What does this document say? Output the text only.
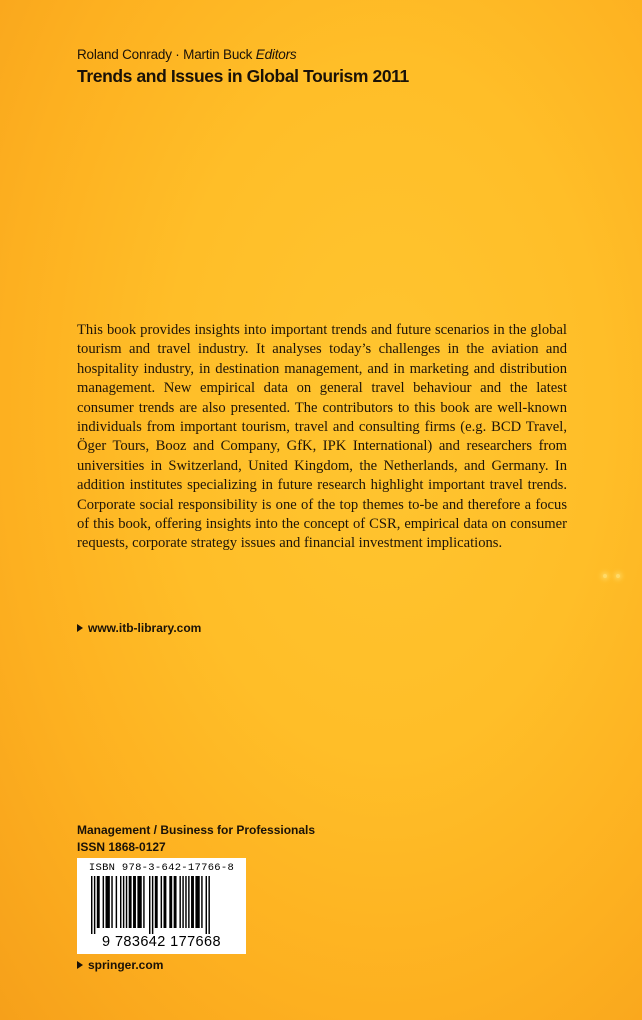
Roland Conrady · Martin Buck Editors
Trends and Issues in Global Tourism 2011
This book provides insights into important trends and future scenarios in the global tourism and travel industry. It analyses today’s challenges in the aviation and hospitality industry, in destination management, and in marketing and distribution management. New empirical data on general travel behaviour and the latest consumer trends are also presented. The contributors to this book are well-known individuals from important tourism, travel and consulting firms (e.g. BCD Travel, Öger Tours, Booz and Company, GfK, IPK International) and researchers from universities in Switzerland, United Kingdom, the Netherlands, and Germany. In addition institutes specializing in future research highlight important travel trends. Corporate social responsibility is one of the top themes to-be and therefore a focus of this book, offering insights into the concept of CSR, empirical data on consumer requests, corporate strategy issues and financial investment implications.
www.itb-library.com
Management / Business for Professionals
ISSN 1868-0127
ISBN 978-3-642-17766-8
9 783642 177668
springer.com
